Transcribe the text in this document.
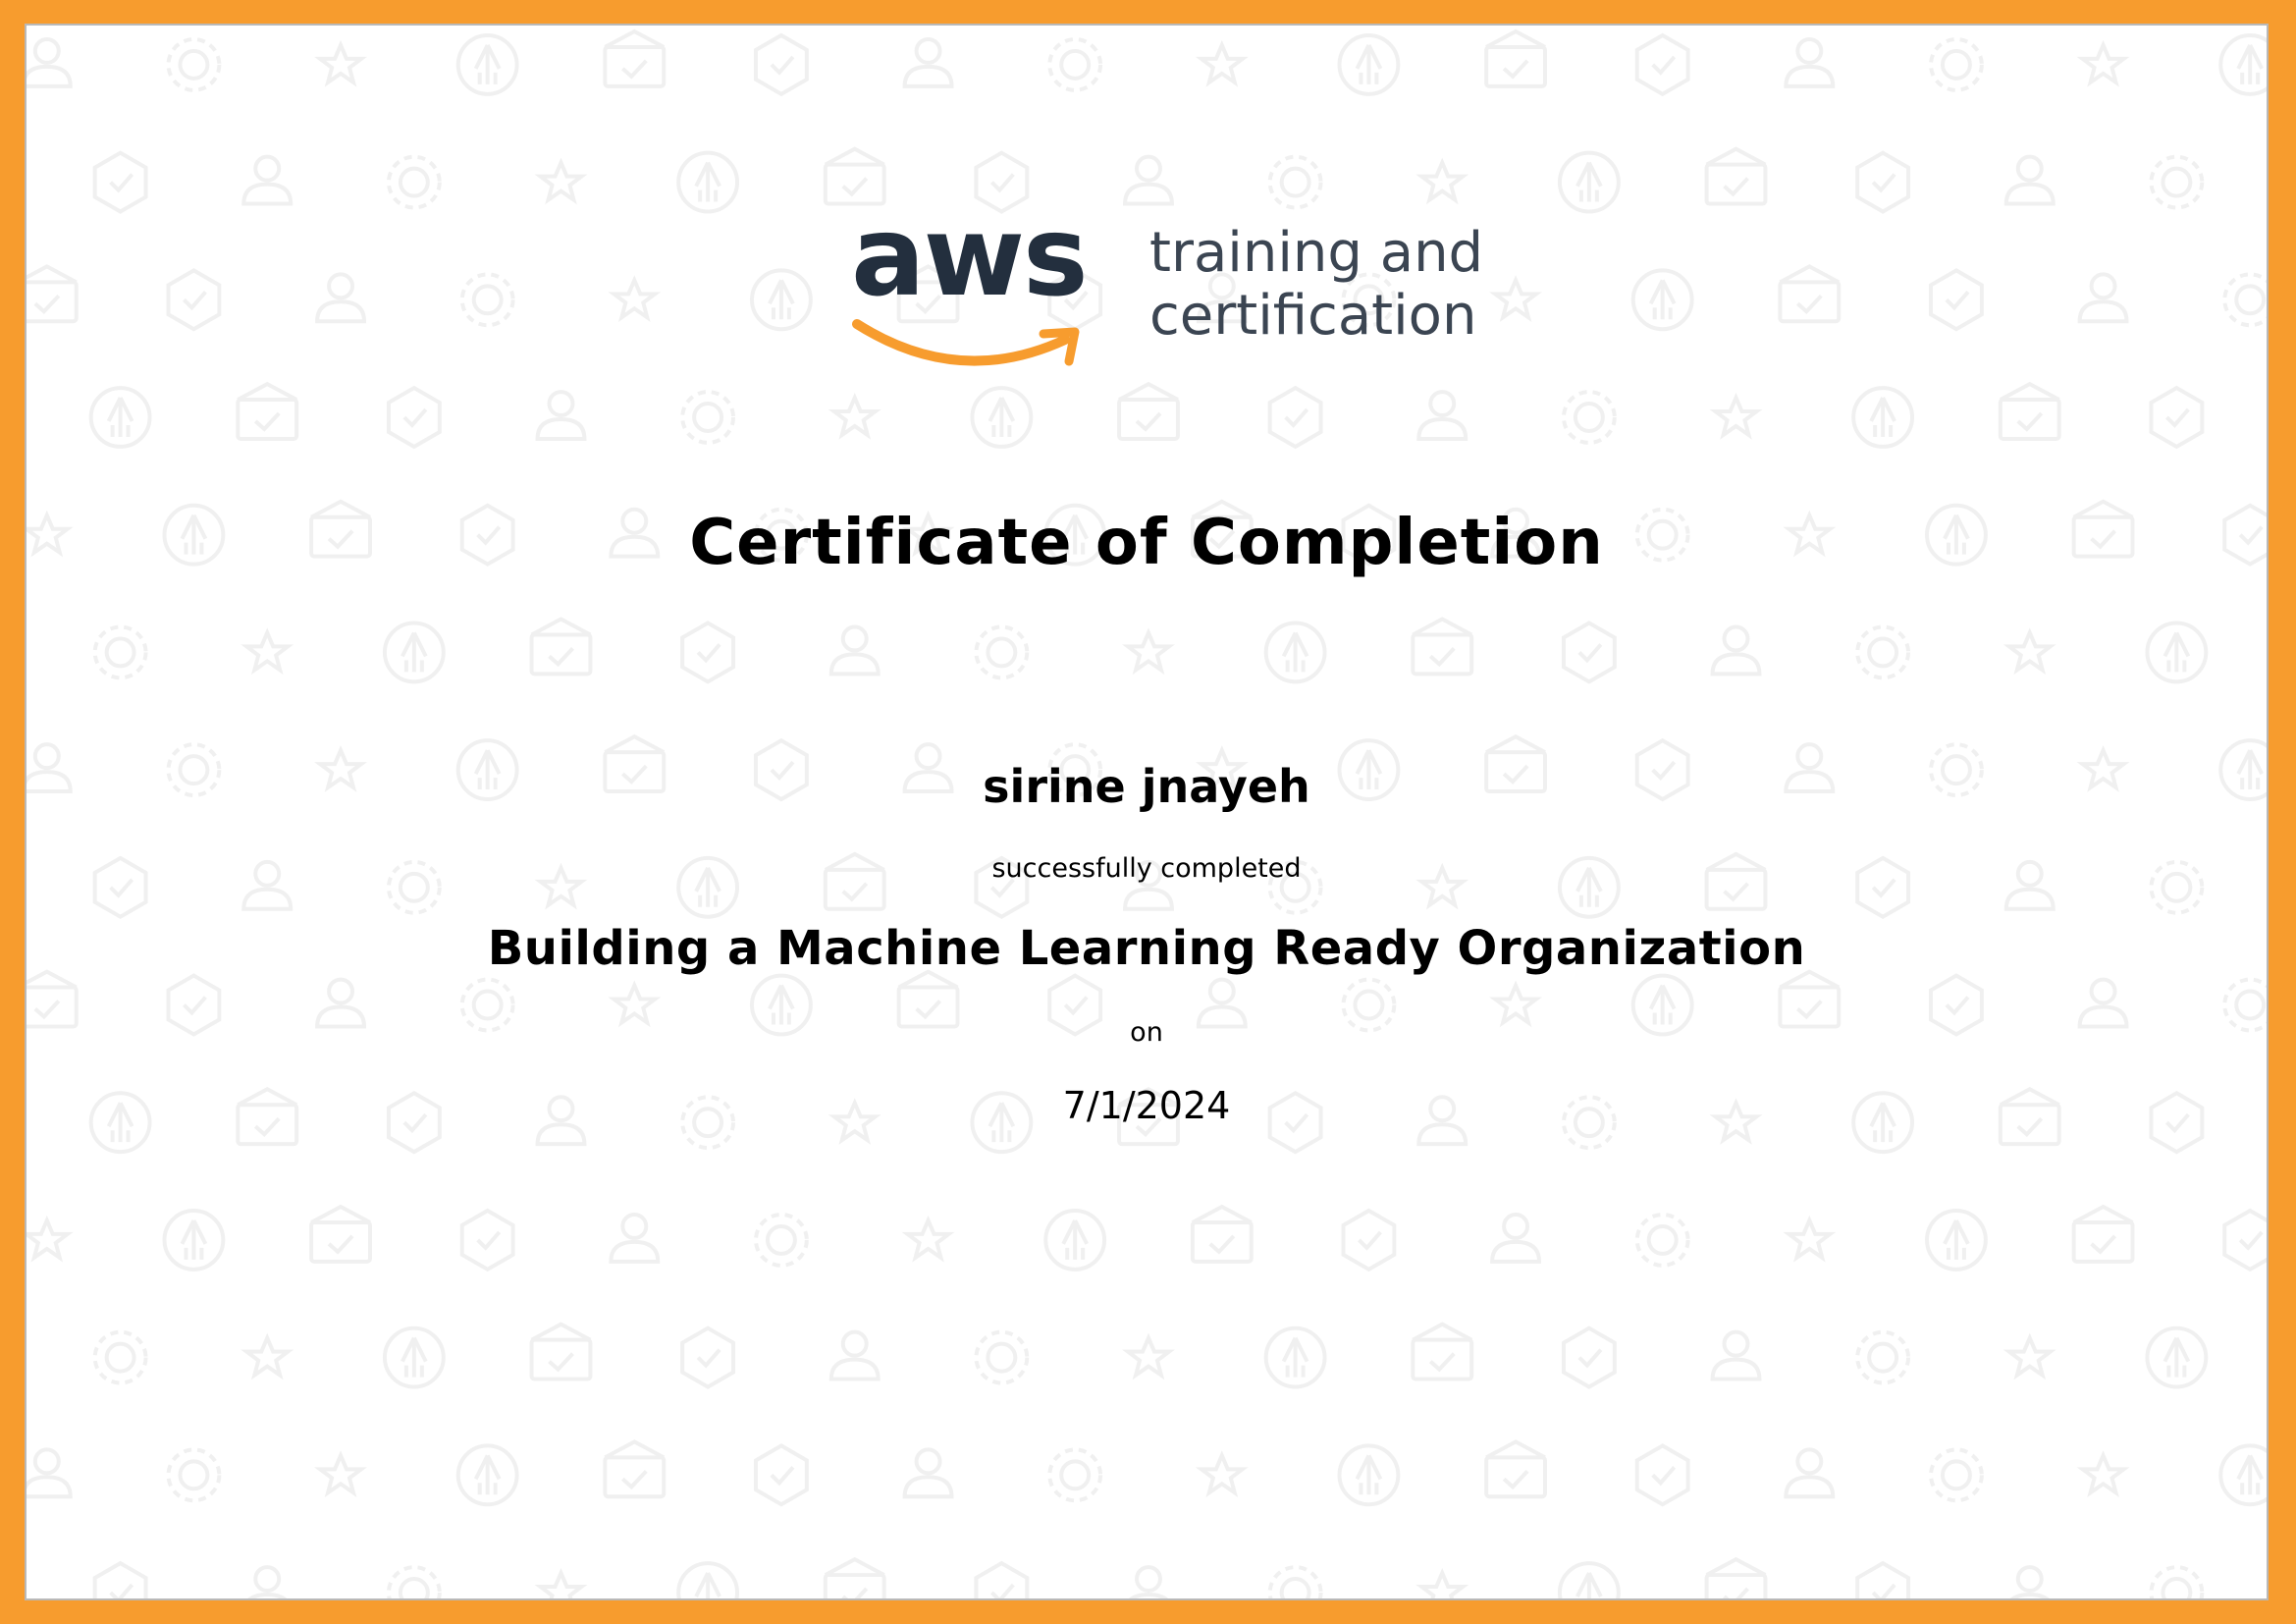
aws training and
certification
Certificate of Completion
sirine jnayeh
successfully completed
Building a Machine Learning Ready Organization
on
7/1/2024
